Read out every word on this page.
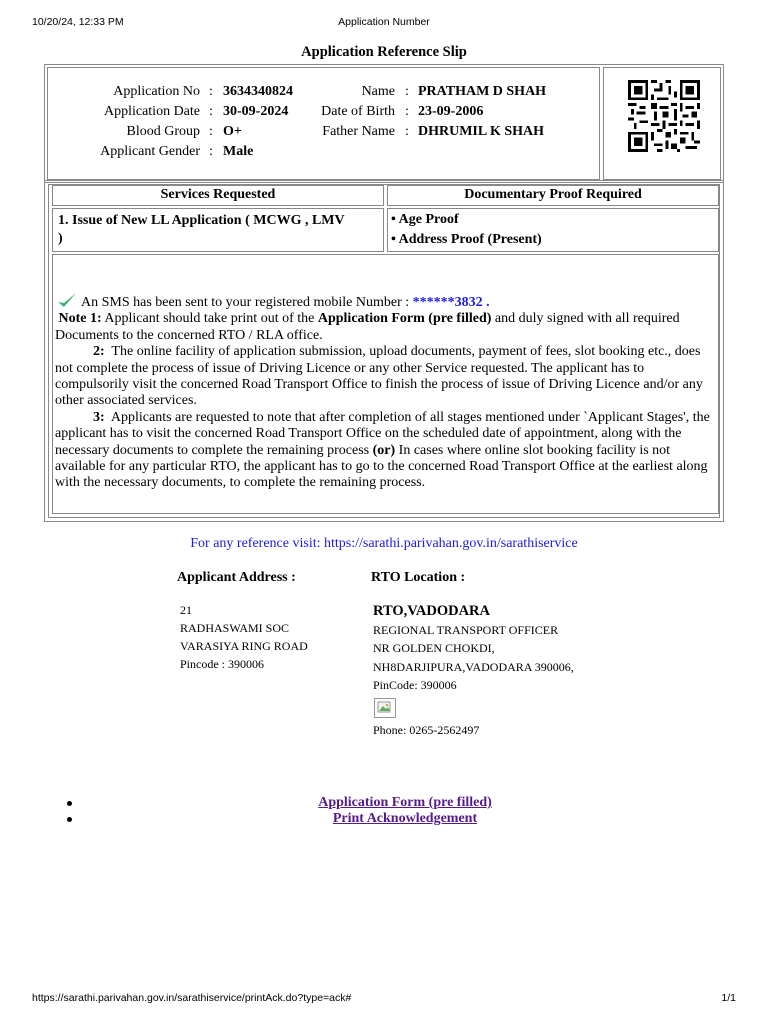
10/20/24, 12:33 PM	Application Number
Application Reference Slip
Application No : 3634340824	Name : PRATHAM D SHAH
Application Date : 30-09-2024	Date of Birth : 23-09-2006
Blood Group : O+	Father Name : DHRUMIL K SHAH
Applicant Gender : Male
Services Requested	Documentary Proof Required
1. Issue of New LL Application ( MCWG , LMV
)
• Age Proof
• Address Proof (Present)

An SMS has been sent to your registered mobile Number : ******3832 .

Note 1: Applicant should take print out of the Application Form (pre filled) and duly signed with all required Documents to the concerned RTO / RLA office.

2: The online facility of application submission, upload documents, payment of fees, slot booking etc., does not complete the process of issue of Driving Licence or any other Service requested. The applicant has to compulsorily visit the concerned Road Transport Office to finish the process of issue of Driving Licence and/or any other associated services.

3: Applicants are requested to note that after completion of all stages mentioned under `Applicant Stages', the applicant has to visit the concerned Road Transport Office on the scheduled date of appointment, along with the necessary documents to complete the remaining process (or) In cases where online slot booking facility is not available for any particular RTO, the applicant has to go to the concerned Road Transport Office at the earliest along with the necessary documents, to complete the remaining process.

For any reference visit: https://sarathi.parivahan.gov.in/sarathiservice
Applicant Address :	RTO Location :
21
RADHASWAMI SOC
VARASIYA RING ROAD
Pincode : 390006
RTO,VADODARA
REGIONAL TRANSPORT OFFICER
NR GOLDEN CHOKDI,
NH8DARJIPURA,VADODARA 390006,
PinCode: 390006
Phone: 0265-2562497
Application Form (pre filled)
Print Acknowledgement
https://sarathi.parivahan.gov.in/sarathiservice/printAck.do?type=ack#	1/1
